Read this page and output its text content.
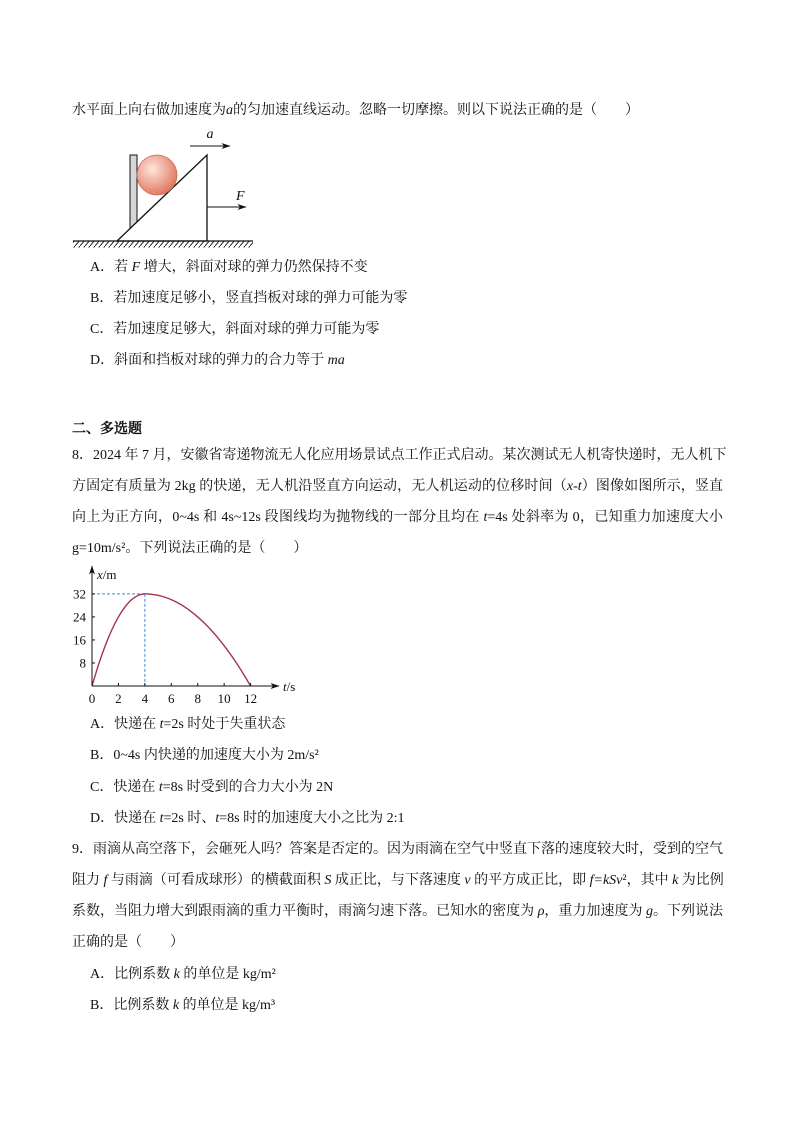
水平面上向右做加速度为a的匀加速直线运动。忽略一切摩擦。则以下说法正确的是（　　）
a
F
A．若 F 增大，斜面对球的弹力仍然保持不变
B．若加速度足够小，竖直挡板对球的弹力可能为零
C．若加速度足够大，斜面对球的弹力可能为零
D．斜面和挡板对球的弹力的合力等于 ma
二、多选题
8．2024 年 7 月，安徽省寄递物流无人化应用场景试点工作正式启动。某次测试无人机寄快递时，无人机下
方固定有质量为 2kg 的快递，无人机沿竖直方向运动，无人机运动的位移时间（x-t）图像如图所示，竖直
向上为正方向，0~4s 和 4s~12s 段图线均为抛物线的一部分且均在 t=4s 处斜率为 0，已知重力加速度大小
g=10m/s²。下列说法正确的是（　　）
x/m
t/s
8
16
24
32
0 2 4 6 8 10 12
A．快递在 t=2s 时处于失重状态
B．0~4s 内快递的加速度大小为 2m/s²
C．快递在 t=8s 时受到的合力大小为 2N
D．快递在 t=2s 时、t=8s 时的加速度大小之比为 2:1
9．雨滴从高空落下，会砸死人吗？答案是否定的。因为雨滴在空气中竖直下落的速度较大时，受到的空气
阻力 f 与雨滴（可看成球形）的横截面积 S 成正比，与下落速度 v 的平方成正比，即 f=kSv²，其中 k 为比例
系数，当阻力增大到跟雨滴的重力平衡时，雨滴匀速下落。已知水的密度为 ρ，重力加速度为 g。下列说法
正确的是（　　）
A．比例系数 k 的单位是 kg/m²
B．比例系数 k 的单位是 kg/m³
